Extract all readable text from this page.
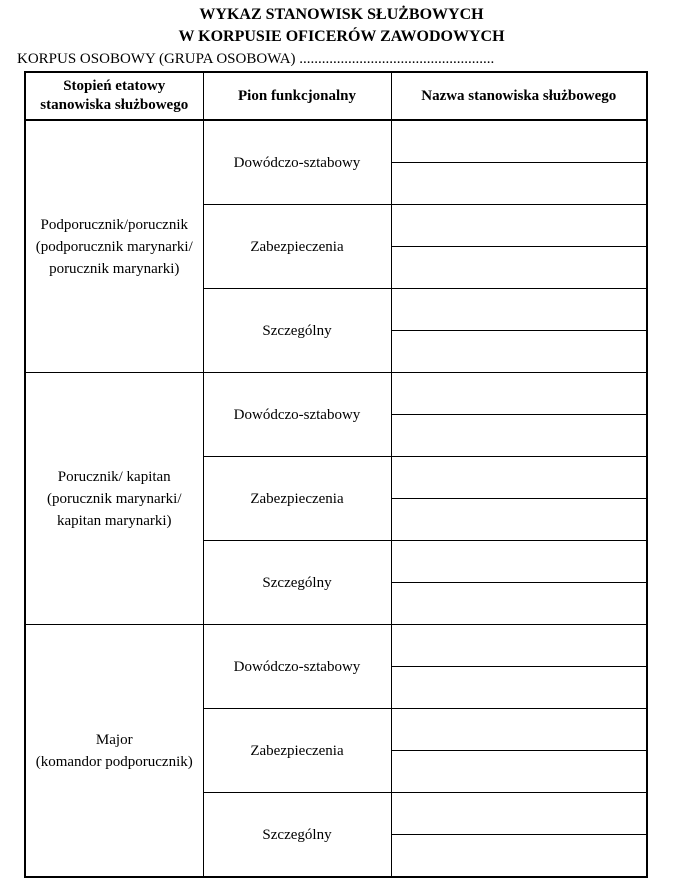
WYKAZ STANOWISK SŁUŻBOWYCH
W KORPUSIE OFICERÓW ZAWODOWYCH
KORPUS OSOBOWY (GRUPA OSOBOWA) ....................................................
Stopień etatowy
stanowiska służbowego	Pion funkcjonalny	Nazwa stanowiska służbowego

Podporucznik/porucznik
(podporucznik marynarki/
porucznik marynarki)	Dowódczo-sztabowy	

	Zabezpieczenia	

	Szczególny	

Porucznik/ kapitan
(porucznik marynarki/
kapitan marynarki)	Dowódczo-sztabowy	

	Zabezpieczenia	

	Szczególny	

Major
(komandor podporucznik)	Dowódczo-sztabowy	

	Zabezpieczenia	

	Szczególny	
